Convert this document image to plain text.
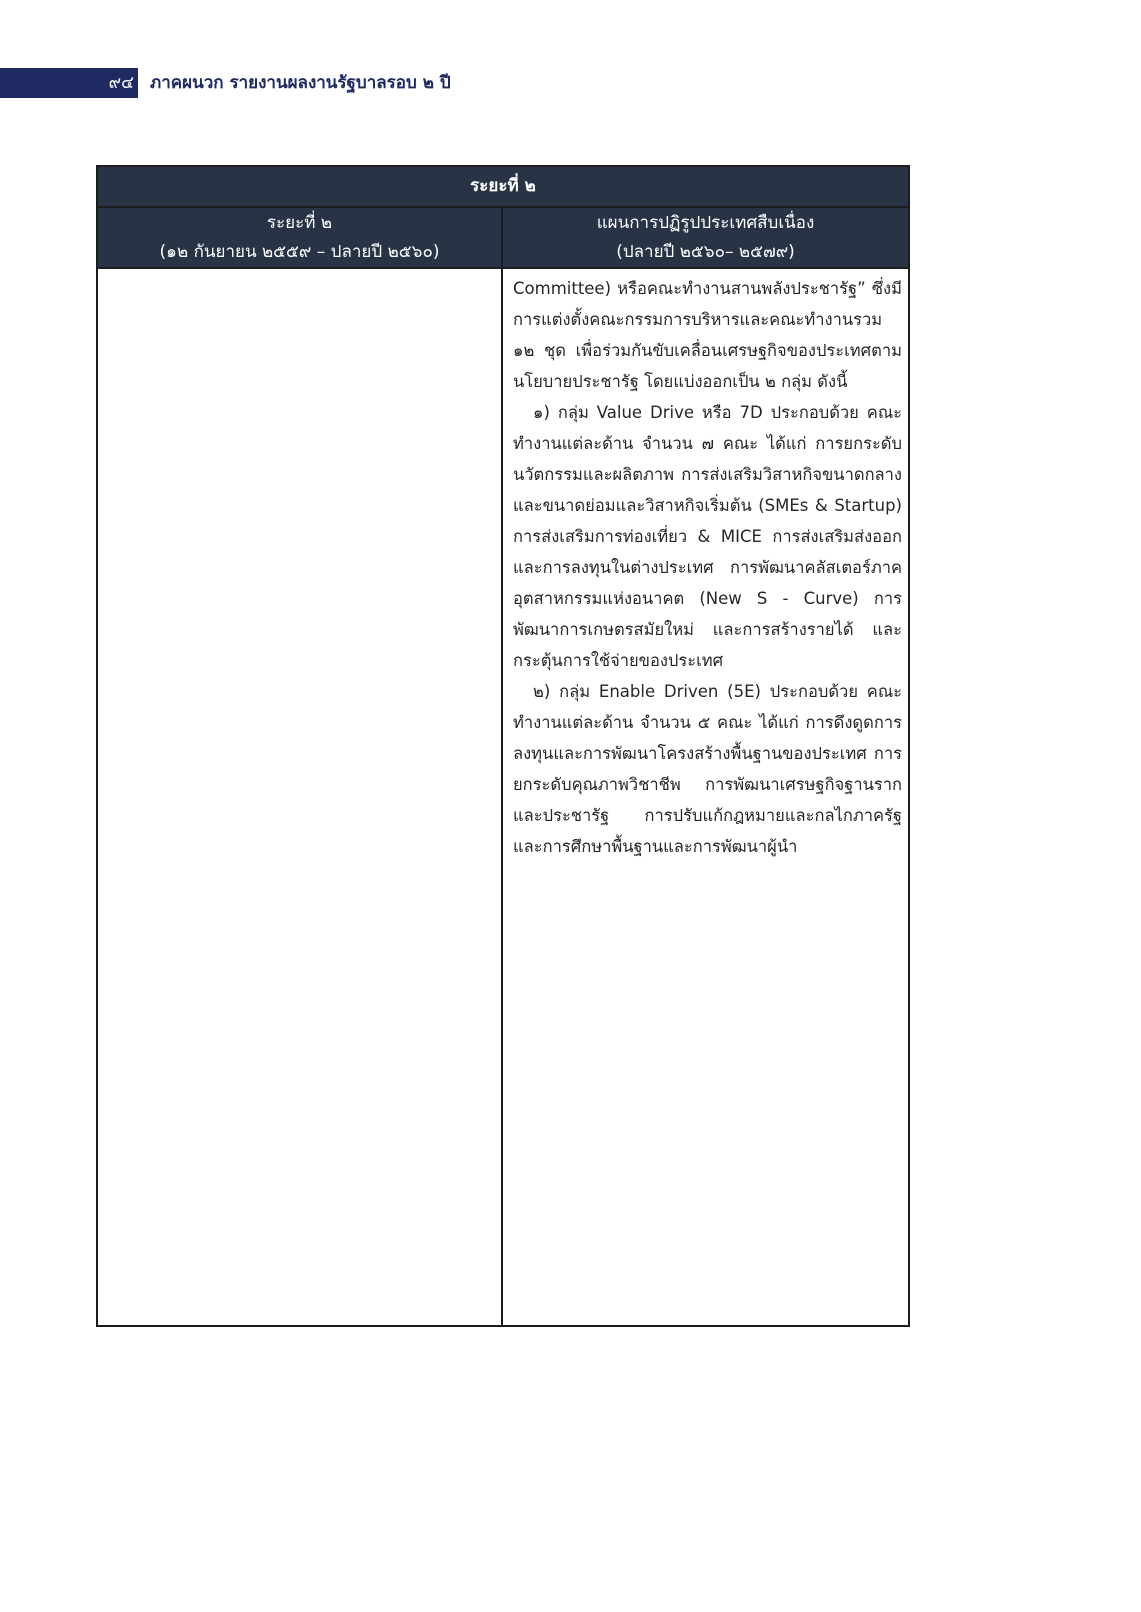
๙๔ ภาคผนวก รายงานผลงานรัฐบาลรอบ ๒ ปี
ระยะที่ ๒
ระยะที่ ๒
(๑๒ กันยายน ๒๕๕๙ – ปลายปี ๒๕๖๐)
แผนการปฏิรูปประเทศสืบเนื่อง
(ปลายปี ๒๕๖๐– ๒๕๗๙)

Committee) หรือคณะทำงานสานพลังประชารัฐ” ซึ่งมีการแต่งตั้งคณะกรรมการบริหารและคณะทำงานรวม ๑๒ ชุด เพื่อร่วมกันขับเคลื่อนเศรษฐกิจของประเทศตามนโยบายประชารัฐ โดยแบ่งออกเป็น ๒ กลุ่ม ดังนี้

๑) กลุ่ม Value Drive หรือ 7D ประกอบด้วย คณะทำงานแต่ละด้าน จำนวน ๗ คณะ ได้แก่ การยกระดับนวัตกรรมและผลิตภาพ การส่งเสริมวิสาหกิจขนาดกลางและขนาดย่อมและวิสาหกิจเริ่มต้น (SMEs & Startup) การส่งเสริมการท่องเที่ยว & MICE การส่งเสริมส่งออกและการลงทุนในต่างประเทศ การพัฒนาคลัสเตอร์ภาคอุตสาหกรรมแห่งอนาคต (New S - Curve) การพัฒนาการเกษตรสมัยใหม่ และการสร้างรายได้ และกระตุ้นการใช้จ่ายของประเทศ

๒) กลุ่ม Enable Driven (5E) ประกอบด้วย คณะทำงานแต่ละด้าน จำนวน ๕ คณะ ได้แก่ การดึงดูดการลงทุนและการพัฒนาโครงสร้างพื้นฐานของประเทศ การยกระดับคุณภาพวิชาชีพ การพัฒนาเศรษฐกิจฐานรากและประชารัฐ การปรับแก้กฎหมายและกลไกภาครัฐ และการศึกษาพื้นฐานและการพัฒนาผู้นำ
